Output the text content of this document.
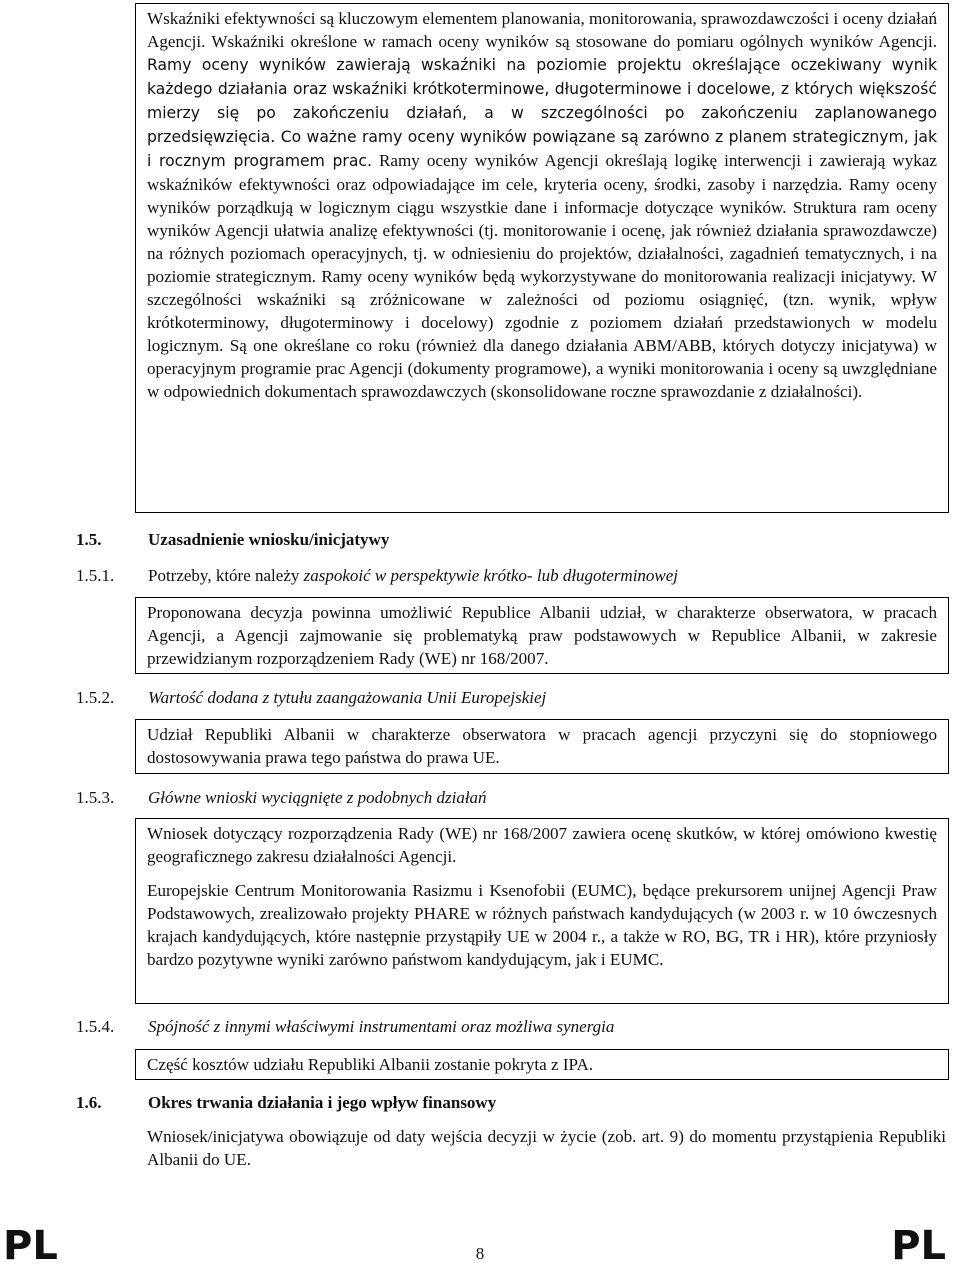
Wskaźniki efektywności są kluczowym elementem planowania, monitorowania, sprawozdawczości i oceny działań Agencji. Wskaźniki określone w ramach oceny wyników są stosowane do pomiaru ogólnych wyników Agencji. Ramy oceny wyników zawierają wskaźniki na poziomie projektu określające oczekiwany wynik każdego działania oraz wskaźniki krótkoterminowe, długoterminowe i docelowe, z których większość mierzy się po zakończeniu działań, a w szczególności po zakończeniu zaplanowanego przedsięwzięcia. Co ważne ramy oceny wyników powiązane są zarówno z planem strategicznym, jak i rocznym programem prac. Ramy oceny wyników Agencji określają logikę interwencji i zawierają wykaz wskaźników efektywności oraz odpowiadające im cele, kryteria oceny, środki, zasoby i narzędzia. Ramy oceny wyników porządkują w logicznym ciągu wszystkie dane i informacje dotyczące wyników. Struktura ram oceny wyników Agencji ułatwia analizę efektywności (tj. monitorowanie i ocenę, jak również działania sprawozdawcze) na różnych poziomach operacyjnych, tj. w odniesieniu do projektów, działalności, zagadnień tematycznych, i na poziomie strategicznym. Ramy oceny wyników będą wykorzystywane do monitorowania realizacji inicjatywy. W szczególności wskaźniki są zróżnicowane w zależności od poziomu osiągnięć, (tzn. wynik, wpływ krótkoterminowy, długoterminowy i docelowy) zgodnie z poziomem działań przedstawionych w modelu logicznym. Są one określane co roku (również dla danego działania ABM/ABB, których dotyczy inicjatywa) w operacyjnym programie prac Agencji (dokumenty programowe), a wyniki monitorowania i oceny są uwzględniane w odpowiednich dokumentach sprawozdawczych (skonsolidowane roczne sprawozdanie z działalności).

1.5.	Uzasadnienie wniosku/inicjatywy
1.5.1. Potrzeby, które należy zaspokoić w perspektywie krótko- lub długoterminowej

Proponowana decyzja powinna umożliwić Republice Albanii udział, w charakterze obserwatora, w pracach Agencji, a Agencji zajmowanie się problematyką praw podstawowych w Republice Albanii, w zakresie przewidzianym rozporządzeniem Rady (WE) nr 168/2007.

1.5.2. Wartość dodana z tytułu zaangażowania Unii Europejskiej

Udział Republiki Albanii w charakterze obserwatora w pracach agencji przyczyni się do stopniowego dostosowywania prawa tego państwa do prawa UE.

1.5.3. Główne wnioski wyciągnięte z podobnych działań

Wniosek dotyczący rozporządzenia Rady (WE) nr 168/2007 zawiera ocenę skutków, w której omówiono kwestię geograficznego zakresu działalności Agencji.

Europejskie Centrum Monitorowania Rasizmu i Ksenofobii (EUMC), będące prekursorem unijnej Agencji Praw Podstawowych, zrealizowało projekty PHARE w różnych państwach kandydujących (w 2003 r. w 10 ówczesnych krajach kandydujących, które następnie przystąpiły UE w 2004 r., a także w RO, BG, TR i HR), które przyniosły bardzo pozytywne wyniki zarówno państwom kandydującym, jak i EUMC.

1.5.4. Spójność z innymi właściwymi instrumentami oraz możliwa synergia

Część kosztów udziału Republiki Albanii zostanie pokryta z IPA.

1.6.	Okres trwania działania i jego wpływ finansowy
Wniosek/inicjatywa obowiązuje od daty wejścia decyzji w życie (zob. art. 9) do momentu przystąpienia Republiki Albanii do UE.
PL	8	PL
